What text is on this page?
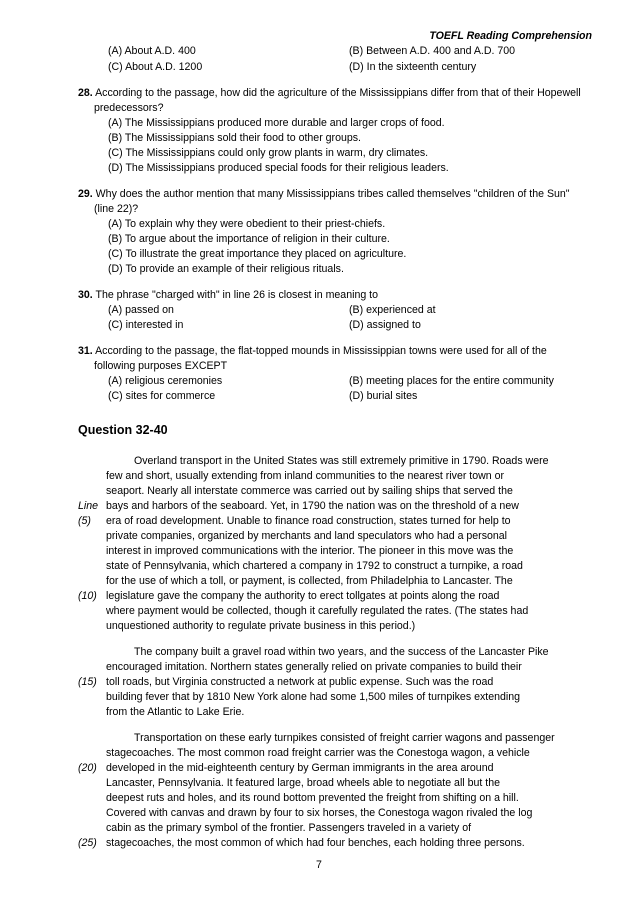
TOEFL Reading Comprehension
(A) About A.D. 400	(B) Between A.D. 400 and A.D. 700
(C) About A.D. 1200	(D) In the sixteenth century
28. According to the passage, how did the agriculture of the Mississippians differ from that of their Hopewell
predecessors?
(A) The Mississippians produced more durable and larger crops of food.
(B) The Mississippians sold their food to other groups.
(C) The Mississippians could only grow plants in warm, dry climates.
(D) The Mississippians produced special foods for their religious leaders.
29. Why does the author mention that many Mississippians tribes called themselves "children of the Sun"
(line 22)?
(A) To explain why they were obedient to their priest-chiefs.
(B) To argue about the importance of religion in their culture.
(C) To illustrate the great importance they placed on agriculture.
(D) To provide an example of their religious rituals.
30. The phrase "charged with" in line 26 is closest in meaning to
(A) passed on	(B) experienced at
(C) interested in	(D) assigned to
31. According to the passage, the flat-topped mounds in Mississippian towns were used for all of the
following purposes EXCEPT
(A) religious ceremonies	(B) meeting places for the entire community
(C) sites for commerce	(D) burial sites
Question 32-40
Overland transport in the United States was still extremely primitive in 1790. Roads were
few and short, usually extending from inland communities to the nearest river town or
seaport. Nearly all interstate commerce was carried out by sailing ships that served the
bays and harbors of the seaboard. Yet, in 1790 the nation was on the threshold of a new
era of road development. Unable to finance road construction, states turned for help to
private companies, organized by merchants and land speculators who had a personal
interest in improved communications with the interior. The pioneer in this move was the
state of Pennsylvania, which chartered a company in 1792 to construct a turnpike, a road
for the use of which a toll, or payment, is collected, from Philadelphia to Lancaster. The
legislature gave the company the authority to erect tollgates at points along the road
where payment would be collected, though it carefully regulated the rates. (The states had
unquestioned authority to regulate private business in this period.)
The company built a gravel road within two years, and the success of the Lancaster Pike
encouraged imitation. Northern states generally relied on private companies to build their
toll roads, but Virginia constructed a network at public expense. Such was the road
building fever that by 1810 New York alone had some 1,500 miles of turnpikes extending
from the Atlantic to Lake Erie.
Transportation on these early turnpikes consisted of freight carrier wagons and passenger
stagecoaches. The most common road freight carrier was the Conestoga wagon, a vehicle
developed in the mid-eighteenth century by German immigrants in the area around
Lancaster, Pennsylvania. It featured large, broad wheels able to negotiate all but the
deepest ruts and holes, and its round bottom prevented the freight from shifting on a hill.
Covered with canvas and drawn by four to six horses, the Conestoga wagon rivaled the log
cabin as the primary symbol of the frontier. Passengers traveled in a variety of
stagecoaches, the most common of which had four benches, each holding three persons.
Line
(5)
(10)
(15)
(20)
(25)
7
